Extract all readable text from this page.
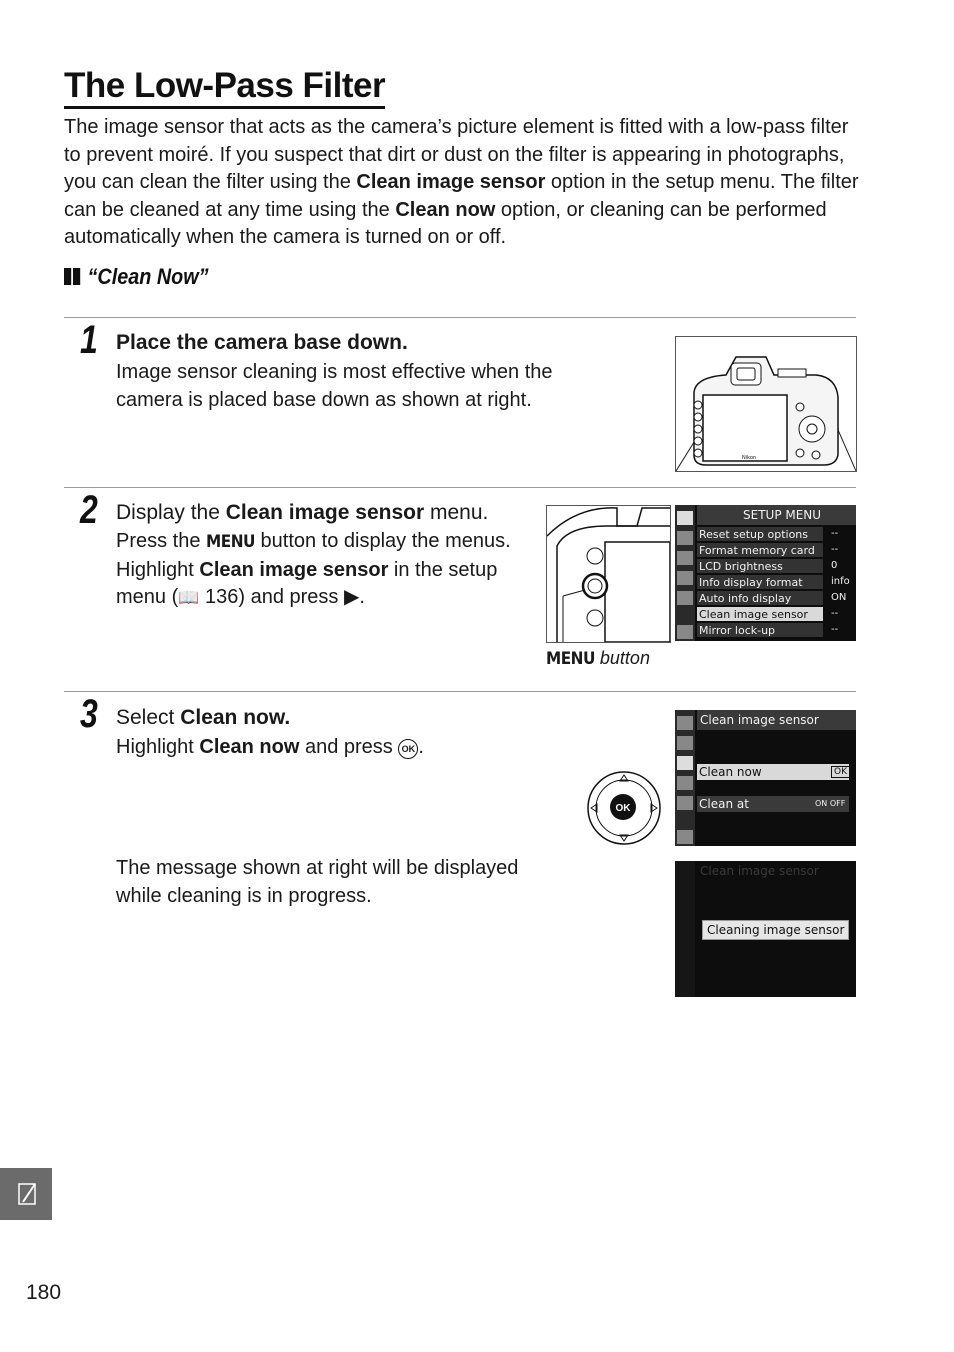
The Low-Pass Filter

The image sensor that acts as the camera’s picture element is fitted with a low-pass filter to prevent moiré. If you suspect that dirt or dust on the filter is appearing in photographs, you can clean the filter using the Clean image sensor option in the setup menu. The filter can be cleaned at any time using the Clean now option, or cleaning can be performed automatically when the camera is turned on or off.

“Clean Now”
1 Place the camera base down.
Image sensor cleaning is most effective when the camera is placed base down as shown at right.
Nikon
2 Display the Clean image sensor menu.
Press the MENU button to display the menus. Highlight Clean image sensor in the setup menu (📖 136) and press ▶.
SETUP MENU
Reset setup options --
Format memory card --
LCD brightness	0
Info display format	info
Auto info display	ON
Clean image sensor --
Mirror lock-up	--
MENU button
3 Select Clean now.
Highlight Clean now and press OK .
The message shown at right will be displayed while cleaning is in progress.
OK
Clean image sensor
Clean now	OK
Clean at	ON OFF
Clean image sensor
Cleaning image sensor
180
